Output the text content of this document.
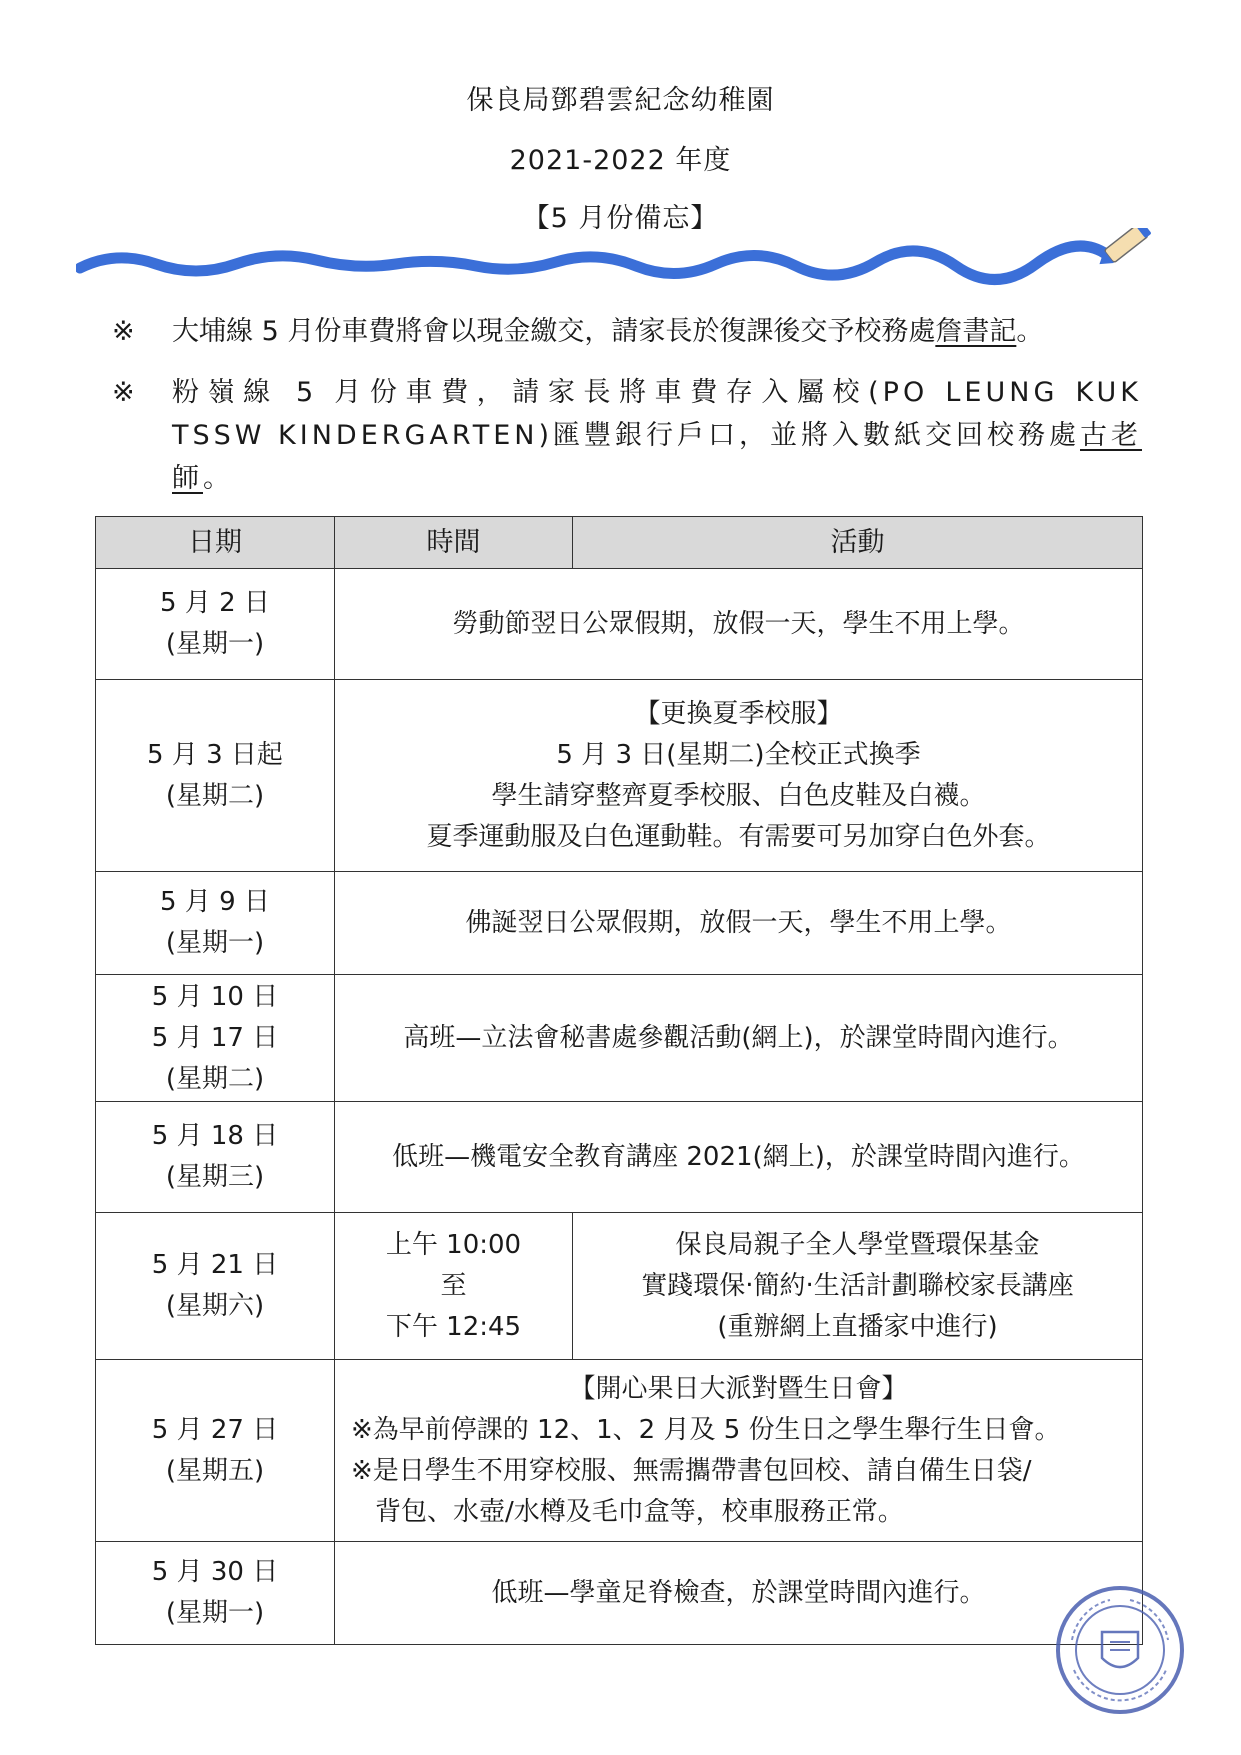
保良局鄧碧雲紀念幼稚園
2021-2022 年度
【5 月份備忘】
※	大埔線 5 月份車費將會以現金繳交，請家長於復課後交予校務處詹書記。
※	粉嶺線 5 月份車費，請家長將車費存入屬校(PO LEUNG KUK TSSW KINDERGARTEN)匯豐銀行戶口，並將入數紙交回校務處古老師。
日期	時間	活動

5 月 2 日
(星期一)	勞動節翌日公眾假期，放假一天，學生不用上學。	

5 月 3 日起
(星期二)	【更換夏季校服】
5 月 3 日(星期二)全校正式換季
學生請穿整齊夏季校服、白色皮鞋及白襪。
夏季運動服及白色運動鞋。有需要可另加穿白色外套。	

5 月 9 日
(星期一)	佛誕翌日公眾假期，放假一天，學生不用上學。	

5 月 10 日
5 月 17 日
(星期二)	高班—立法會秘書處參觀活動(網上)，於課堂時間內進行。	

5 月 18 日
(星期三)	低班—機電安全教育講座 2021(網上)，於課堂時間內進行。	

5 月 21 日
(星期六)	上午 10:00
至
下午 12:45	保良局親子全人學堂暨環保基金
實踐環保‧簡約‧生活計劃聯校家長講座
(重辦網上直播家中進行)

5 月 27 日
(星期五)	【開心果日大派對暨生日會】
※為早前停課的 12、1、2 月及 5 份生日之學生舉行生日會。
※是日學生不用穿校服、無需攜帶書包回校、請自備生日袋/
背包、水壺/水樽及毛巾盒等，校車服務正常。	

5 月 30 日
(星期一)	低班—學童足脊檢查，於課堂時間內進行。	
